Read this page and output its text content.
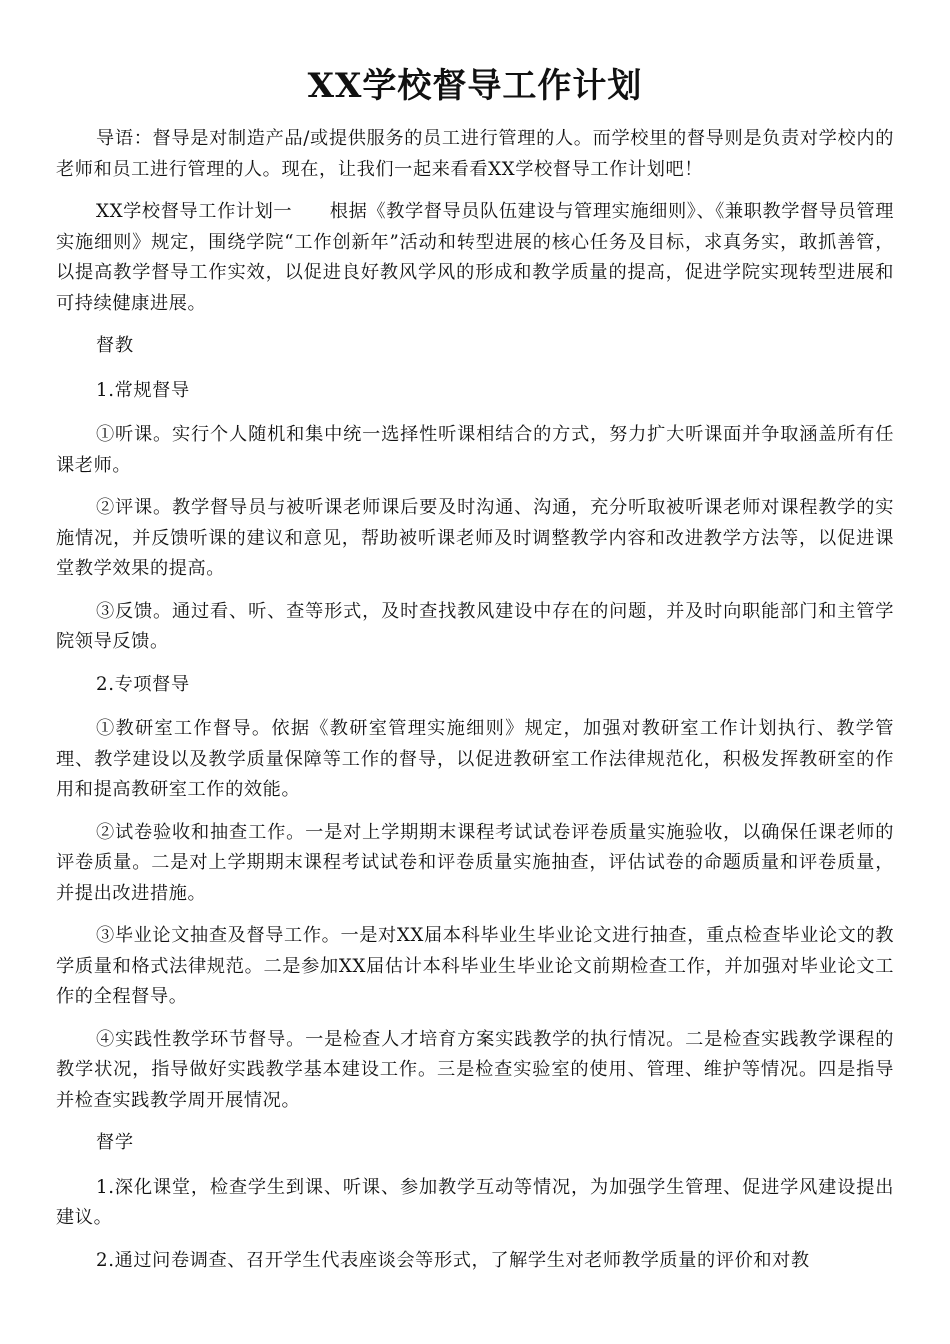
XX学校督导工作计划

导语：督导是对制造产品/或提供服务的员工进行管理的人。而学校里的督导则是负责对学校内的老师和员工进行管理的人。现在，让我们一起来看看XX学校督导工作计划吧！

XX学校督导工作计划一　　根据《教学督导员队伍建设与管理实施细则》、《兼职教学督导员管理实施细则》规定，围绕学院“工作创新年”活动和转型进展的核心任务及目标，求真务实，敢抓善管，以提高教学督导工作实效，以促进良好教风学风的形成和教学质量的提高，促进学院实现转型进展和可持续健康进展。

督教

1.常规督导

①听课。实行个人随机和集中统一选择性听课相结合的方式，努力扩大听课面并争取涵盖所有任课老师。

②评课。教学督导员与被听课老师课后要及时沟通、沟通，充分听取被听课老师对课程教学的实施情况，并反馈听课的建议和意见，帮助被听课老师及时调整教学内容和改进教学方法等，以促进课堂教学效果的提高。

③反馈。通过看、听、查等形式，及时查找教风建设中存在的问题，并及时向职能部门和主管学院领导反馈。

2.专项督导

①教研室工作督导。依据《教研室管理实施细则》规定，加强对教研室工作计划执行、教学管理、教学建设以及教学质量保障等工作的督导，以促进教研室工作法律规范化，积极发挥教研室的作用和提高教研室工作的效能。

②试卷验收和抽查工作。一是对上学期期末课程考试试卷评卷质量实施验收，以确保任课老师的评卷质量。二是对上学期期末课程考试试卷和评卷质量实施抽查，评估试卷的命题质量和评卷质量，并提出改进措施。

③毕业论文抽查及督导工作。一是对XX届本科毕业生毕业论文进行抽查，重点检查毕业论文的教学质量和格式法律规范。二是参加XX届估计本科毕业生毕业论文前期检查工作，并加强对毕业论文工作的全程督导。

④实践性教学环节督导。一是检查人才培育方案实践教学的执行情况。二是检查实践教学课程的教学状况，指导做好实践教学基本建设工作。三是检查实验室的使用、管理、维护等情况。四是指导并检查实践教学周开展情况。

督学

1.深化课堂，检查学生到课、听课、参加教学互动等情况，为加强学生管理、促进学风建设提出建议。

2.通过问卷调查、召开学生代表座谈会等形式，了解学生对老师教学质量的评价和对教
